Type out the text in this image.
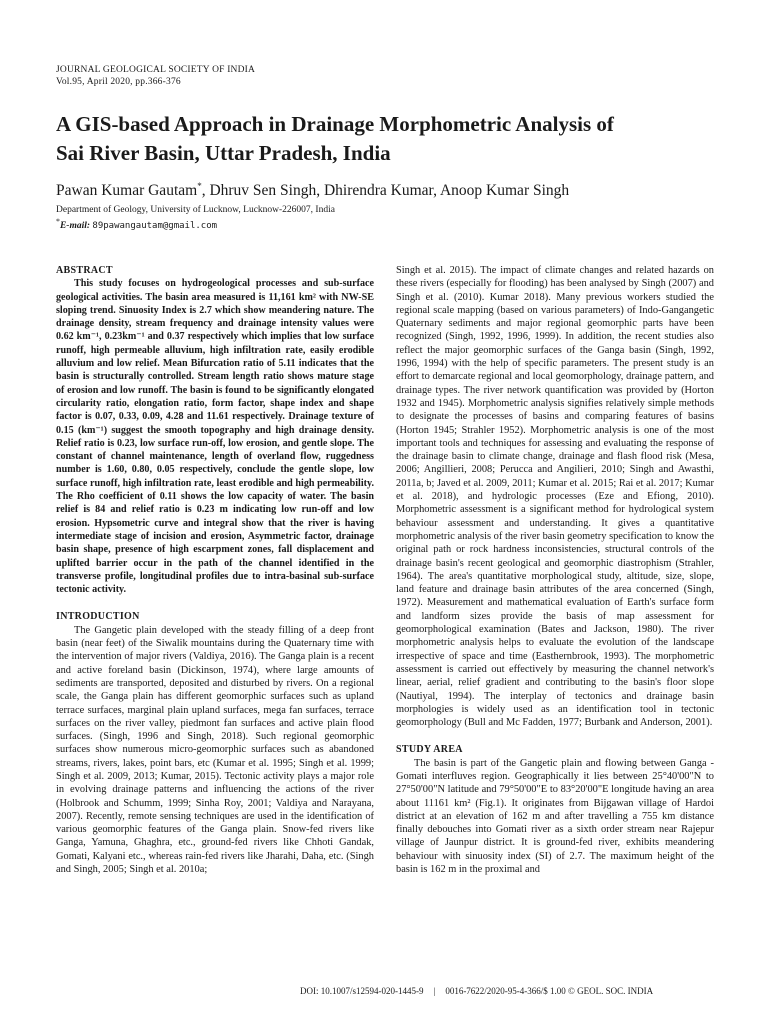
JOURNAL GEOLOGICAL SOCIETY OF INDIA
Vol.95, April 2020, pp.366-376
A GIS-based Approach in Drainage Morphometric Analysis of
Sai River Basin, Uttar Pradesh, India
Pawan Kumar Gautam*, Dhruv Sen Singh, Dhirendra Kumar, Anoop Kumar Singh
Department of Geology, University of Lucknow, Lucknow-226007, India
*E-mail: 89pawangautam@gmail.com

ABSTRACT

This study focuses on hydrogeological processes and sub-surface geological activities. The basin area measured is 11,161 km² with NW-SE sloping trend. Sinuosity Index is 2.7 which show meandering nature. The drainage density, stream frequency and drainage intensity values were 0.62 km⁻¹, 0.23km⁻¹ and 0.37 respectively which implies that low surface runoff, high permeable alluvium, high infiltration rate, easily erodible alluvium and low relief. Mean Bifurcation ratio of 5.11 indicates that the basin is structurally controlled. Stream length ratio shows mature stage of erosion and low runoff. The basin is found to be significantly elongated circularity ratio, elongation ratio, form factor, shape index and shape factor is 0.07, 0.33, 0.09, 4.28 and 11.61 respectively. Drainage texture of 0.15 (km⁻¹) suggest the smooth topography and high drainage density. Relief ratio is 0.23, low surface run-off, low erosion, and gentle slope. The constant of channel maintenance, length of overland flow, ruggedness number is 1.60, 0.80, 0.05 respectively, conclude the gentle slope, low surface runoff, high infiltration rate, least erodible and high permeability. The Rho coefficient of 0.11 shows the low capacity of water. The basin relief is 84 and relief ratio is 0.23 m indicating low run-off and low erosion. Hypsometric curve and integral show that the river is having intermediate stage of incision and erosion, Asymmetric factor, drainage basin shape, presence of high escarpment zones, fall displacement and uplifted barrier occur in the path of the channel identified in the transverse profile, longitudinal profiles due to intra-basinal sub-surface tectonic activity.

INTRODUCTION

The Gangetic plain developed with the steady filling of a deep front basin (near feet) of the Siwalik mountains during the Quaternary time with the intervention of major rivers (Valdiya, 2016). The Ganga plain is a recent and active foreland basin (Dickinson, 1974), where large amounts of sediments are transported, deposited and disturbed by rivers. On a regional scale, the Ganga plain has different geomorphic surfaces such as upland terrace surfaces, marginal plain upland surfaces, mega fan surfaces, terrace surfaces on the river valley, piedmont fan surfaces and active plain flood surfaces. (Singh, 1996 and Singh, 2018). Such regional geomorphic surfaces show numerous micro-geomorphic surfaces such as abandoned streams, rivers, lakes, point bars, etc (Kumar et al. 1995; Singh et al. 1999; Singh et al. 2009, 2013; Kumar, 2015). Tectonic activity plays a major role in evolving drainage patterns and influencing the actions of the river (Holbrook and Schumm, 1999; Sinha Roy, 2001; Valdiya and Narayana, 2007). Recently, remote sensing techniques are used in the identification of various geomorphic features of the Ganga plain. Snow-fed rivers like Ganga, Yamuna, Ghaghra, etc., ground-fed rivers like Chhoti Gandak, Gomati, Kalyani etc., whereas rain-fed rivers like Jharahi, Daha, etc. (Singh and Singh, 2005; Singh et al. 2010a;

Singh et al. 2015). The impact of climate changes and related hazards on these rivers (especially for flooding) has been analysed by Singh (2007) and Singh et al. (2010). Kumar 2018). Many previous workers studied the regional scale mapping (based on various parameters) of Indo-Gangangetic Quaternary sediments and major regional geomorphic parts have been recognized (Singh, 1992, 1996, 1999). In addition, the recent studies also reflect the major geomorphic surfaces of the Ganga basin (Singh, 1992, 1996, 1994) with the help of specific parameters. The present study is an effort to demarcate regional and local geomorphology, drainage pattern, and drainage types. The river network quantification was provided by (Horton 1932 and 1945). Morphometric analysis signifies relatively simple methods to designate the processes of basins and comparing features of basins (Horton 1945; Strahler 1952). Morphometric analysis is one of the most important tools and techniques for assessing and evaluating the response of the drainage basin to climate change, drainage and flash flood risk (Mesa, 2006; Angillieri, 2008; Perucca and Angilieri, 2010; Singh and Awasthi, 2011a, b; Javed et al. 2009, 2011; Kumar et al. 2015; Rai et al. 2017; Kumar et al. 2018), and hydrologic processes (Eze and Efiong, 2010). Morphometric assessment is a significant method for hydrological system behaviour assessment and understanding. It gives a quantitative morphometric analysis of the river basin geometry specification to know the original path or rock hardness inconsistencies, structural controls of the drainage basin's recent geological and geomorphic diastrophism (Strahler, 1964). The area's quantitative morphological study, altitude, size, slope, land feature and drainage basin attributes of the area concerned (Singh, 1972). Measurement and mathematical evaluation of Earth's surface form and landform sizes provide the basis of map assessment for geomorphological examination (Bates and Jackson, 1980). The river morphometric analysis helps to evaluate the evolution of the landscape irrespective of space and time (Easthernbrook, 1993). The morphometric assessment is carried out effectively by measuring the channel network's linear, aerial, relief gradient and contributing to the basin's floor slope (Nautiyal, 1994). The interplay of tectonics and drainage basin morphologies is widely used as an identification tool in tectonic geomorphology (Bull and Mc Fadden, 1977; Burbank and Anderson, 2001).

STUDY AREA

The basin is part of the Gangetic plain and flowing between Ganga - Gomati interfluves region. Geographically it lies between 25°40'00"N to 27°50'00"N latitude and 79°50'00"E to 83°20'00"E longitude having an area about 11161 km² (Fig.1). It originates from Bijgawan village of Hardoi district at an elevation of 162 m and after travelling a 755 km distance finally debouches into Gomati river as a sixth order stream near Rajepur village of Jaunpur district. It is ground-fed river, exhibits meandering behaviour with sinuosity index (SI) of 2.7. The maximum height of the basin is 162 m in the proximal and

DOI: 10.1007/s12594-020-1445-9 | 0016-7622/2020-95-4-366/$ 1.00 © GEOL. SOC. INDIA
